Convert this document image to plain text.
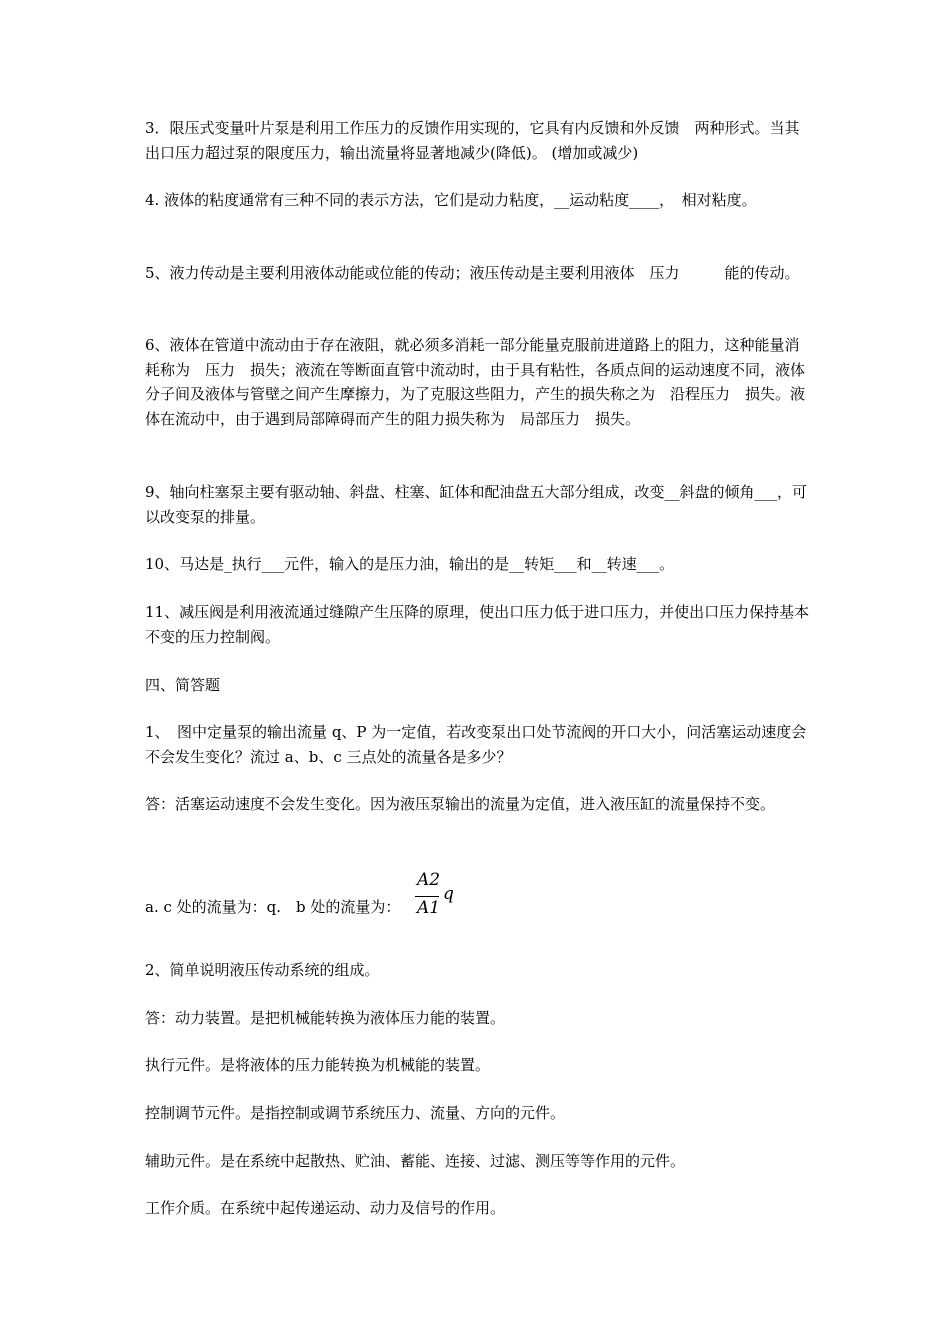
3．限压式变量叶片泵是利用工作压力的反馈作用实现的，它具有内反馈和外反馈　两种形式。当其出口压力超过泵的限度压力，输出流量将显著地减少(降低)。 (增加或减少)

4. 液体的粘度通常有三种不同的表示方法，它们是动力粘度，__运动粘度____，　相对粘度。

5、液力传动是主要利用液体动能或位能的传动；液压传动是主要利用液体　压力　　　能的传动。

6、液体在管道中流动由于存在液阻，就必须多消耗一部分能量克服前进道路上的阻力，这种能量消耗称为　压力　损失；液流在等断面直管中流动时，由于具有粘性，各质点间的运动速度不同，液体分子间及液体与管壁之间产生摩擦力，为了克服这些阻力，产生的损失称之为　沿程压力　损失。液体在流动中，由于遇到局部障碍而产生的阻力损失称为　局部压力　损失。

9、轴向柱塞泵主要有驱动轴、斜盘、柱塞、缸体和配油盘五大部分组成，改变__斜盘的倾角___，可以改变泵的排量。

10、马达是_执行___元件，输入的是压力油，输出的是__转矩___和__转速___。

11、减压阀是利用液流通过缝隙产生压降的原理，使出口压力低于进口压力，并使出口压力保持基本不变的压力控制阀。

四、简答题

1、　图中定量泵的输出流量 q、P 为一定值，若改变泵出口处节流阀的开口大小，问活塞运动速度会不会发生变化？流过 a、b、c 三点处的流量各是多少？

答：活塞运动速度不会发生变化。因为液压泵输出的流量为定值，进入液压缸的流量保持不变。

a. c 处的流量为：q.　b 处的流量为：
A2
A1
q

2、简单说明液压传动系统的组成。

答：动力装置。是把机械能转换为液体压力能的装置。

执行元件。是将液体的压力能转换为机械能的装置。

控制调节元件。是指控制或调节系统压力、流量、方向的元件。

辅助元件。是在系统中起散热、贮油、蓄能、连接、过滤、测压等等作用的元件。

工作介质。在系统中起传递运动、动力及信号的作用。
